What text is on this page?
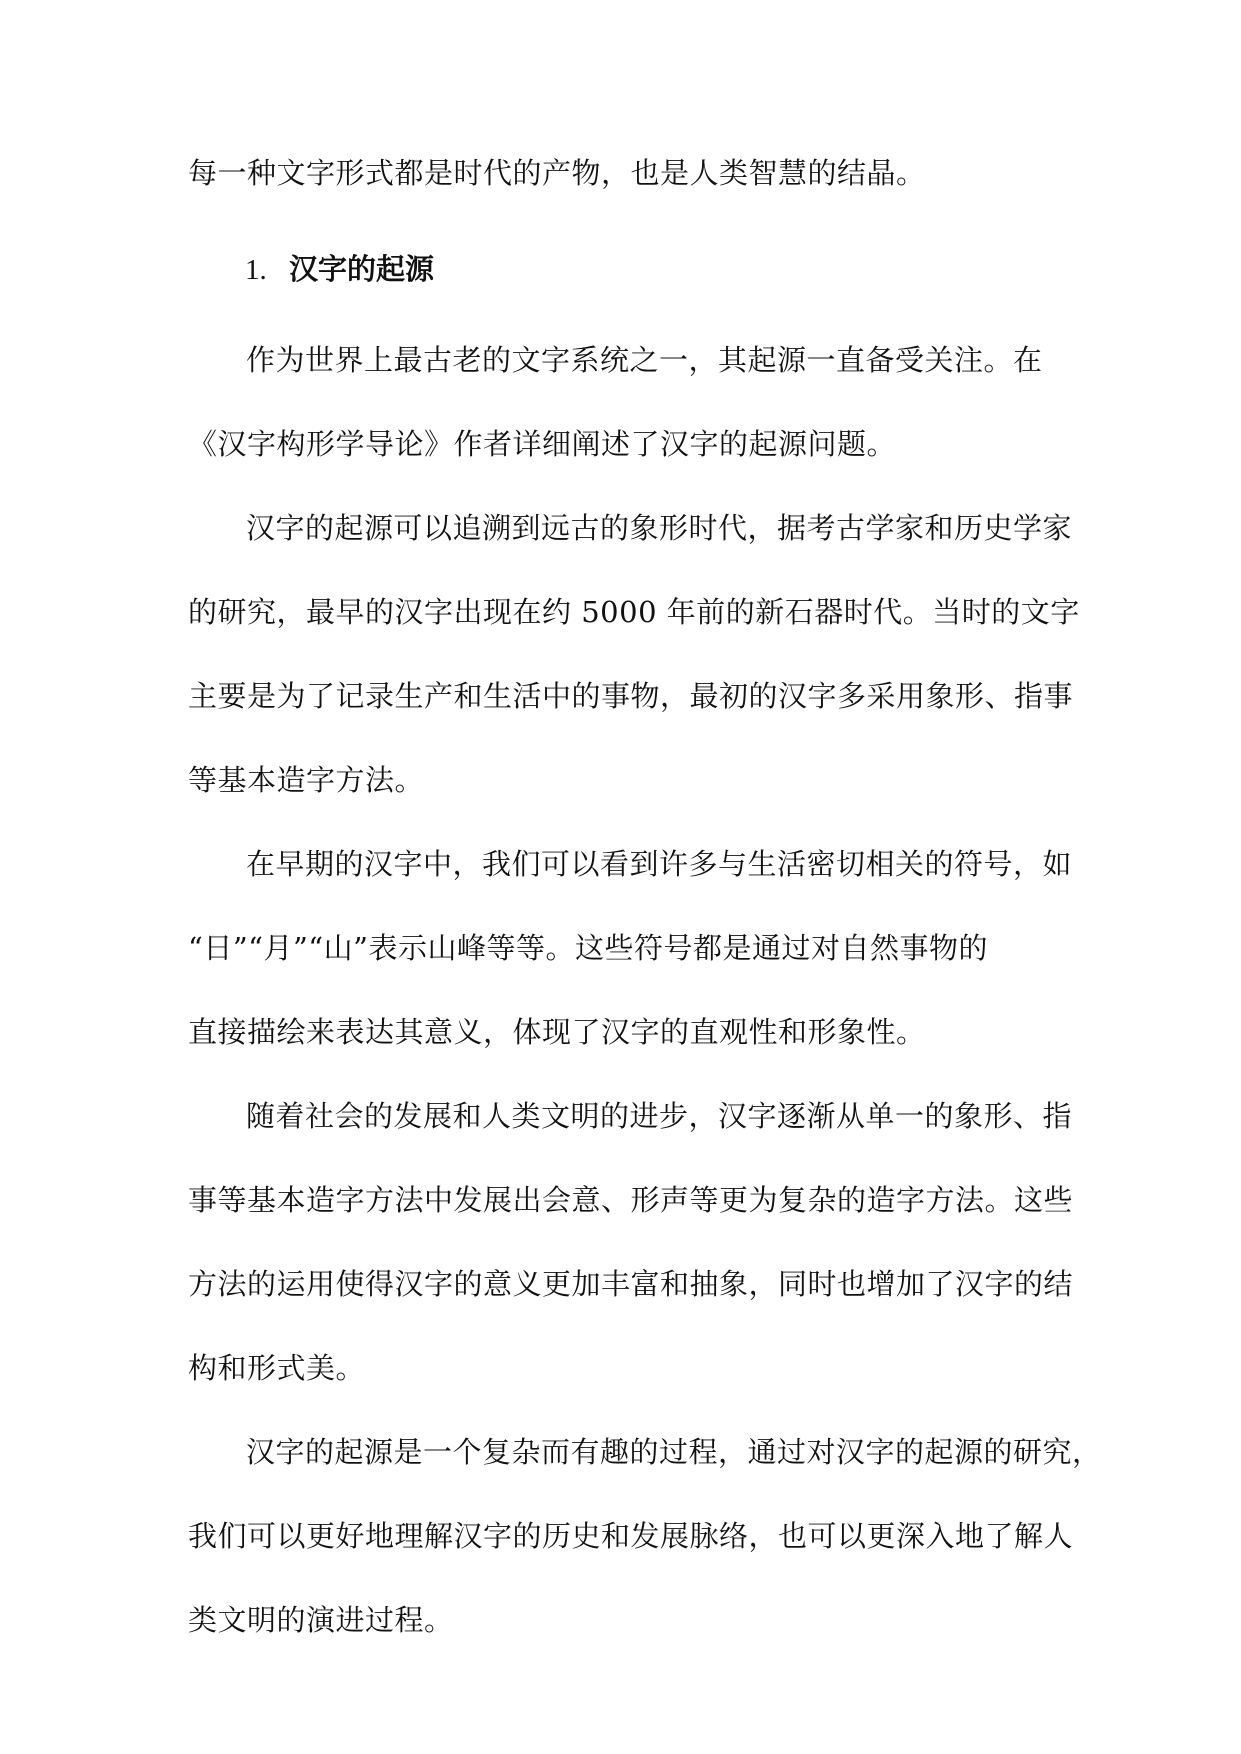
每一种文字形式都是时代的产物，也是人类智慧的结晶。
1. 汉字的起源
作为世界上最古老的文字系统之一，其起源一直备受关注。在
《汉字构形学导论》作者详细阐述了汉字的起源问题。
汉字的起源可以追溯到远古的象形时代，据考古学家和历史学家
的研究，最早的汉字出现在约 5000 年前的新石器时代。当时的文字
主要是为了记录生产和生活中的事物，最初的汉字多采用象形、指事
等基本造字方法。
在早期的汉字中，我们可以看到许多与生活密切相关的符号，如
“日”“月”“山”表示山峰等等。这些符号都是通过对自然事物的
直接描绘来表达其意义，体现了汉字的直观性和形象性。
随着社会的发展和人类文明的进步，汉字逐渐从单一的象形、指
事等基本造字方法中发展出会意、形声等更为复杂的造字方法。这些
方法的运用使得汉字的意义更加丰富和抽象，同时也增加了汉字的结
构和形式美。
汉字的起源是一个复杂而有趣的过程，通过对汉字的起源的研究，
我们可以更好地理解汉字的历史和发展脉络，也可以更深入地了解人
类文明的演进过程。
